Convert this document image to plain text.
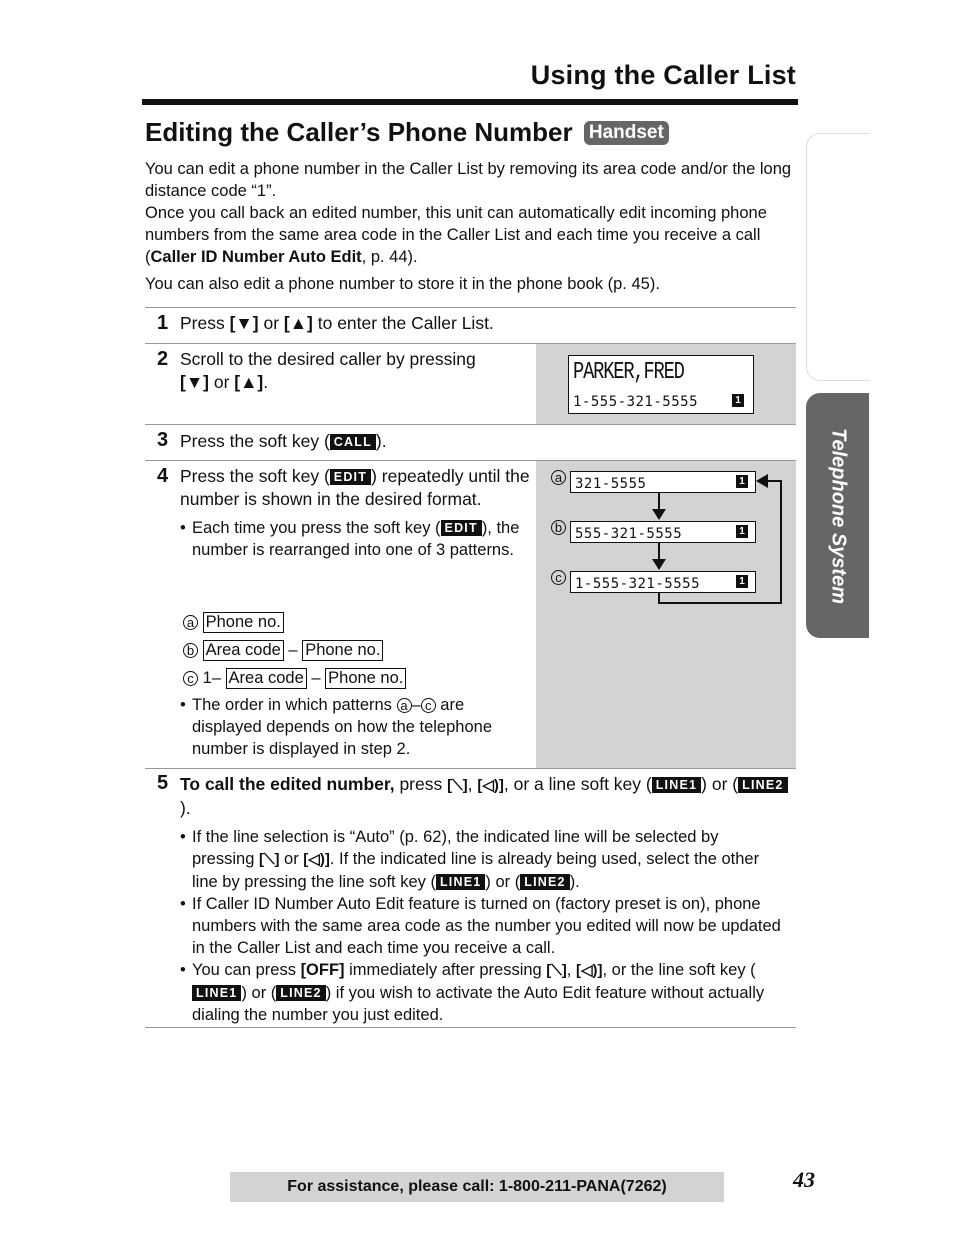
Using the Caller List
Editing the Caller’s Phone Number Handset

You can edit a phone number in the Caller List by removing its area code and/or the long distance code “1”.

Once you call back an edited number, this unit can automatically edit incoming phone numbers from the same area code in the Caller List and each time you receive a call (Caller ID Number Auto Edit, p. 44).

You can also edit a phone number to store it in the phone book (p. 45).

1 Press [▼] or [▲] to enter the Caller List.
2 Scroll to the desired caller by pressing
[▼] or [▲].	PARKER,FRED
1-555-321-5555	1
3 Press the soft key ( CALL ).
4 Press the soft key ( EDIT ) repeatedly until the number is shown in the desired format.
• Each time you press the soft key ( EDIT ), the number is rearranged into one of 3 patterns.
a Phone no.
b Area code – Phone no.
c 1– Area code – Phone no.
• The order in which patterns a – c are displayed depends on how the telephone number is displayed in step 2.
a 321-5555	1
b 555-321-5555	1
c 1-555-321-5555	1
5 To call the edited number, press [⟍], [◁)], or a line soft key ( LINE1 ) or ( LINE2).
• If the line selection is “Auto” (p. 62), the indicated line will be selected by pressing [⟍] or [◁)]. If the indicated line is already being used, select the other line by pressing the line soft key ( LINE1 ) or ( LINE2 ).
• If Caller ID Number Auto Edit feature is turned on (factory preset is on), phone numbers with the same area code as the number you edited will now be updated in the Caller List and each time you receive a call.
• You can press [OFF] immediately after pressing [⟍], [◁)], or the line soft key (LINE1 ) or ( LINE2 ) if you wish to activate the Auto Edit feature without actually dialing the number you just edited.
Telephone System
For assistance, please call: 1-800-211-PANA(7262)	43
